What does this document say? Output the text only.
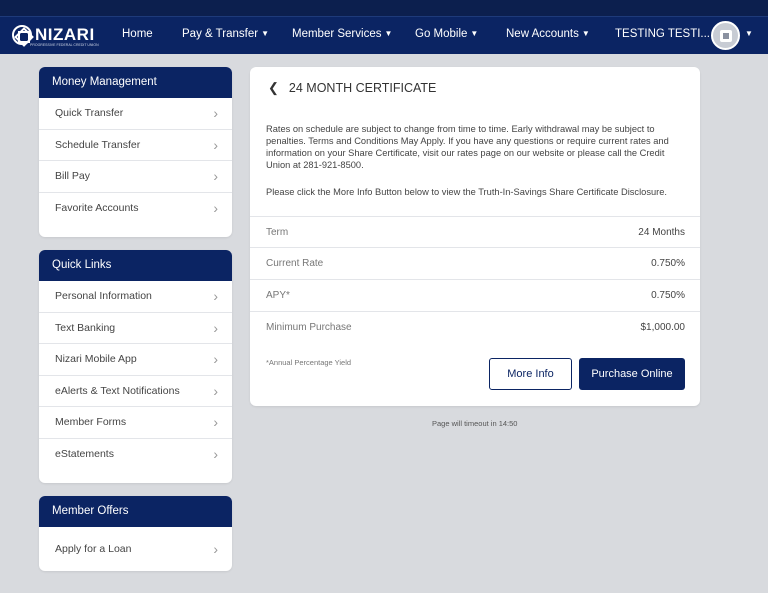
NIZARI
PROGRESSIVE FEDERAL CREDIT UNION
Home	Pay & Transfer ▼ Member Services ▼ Go Mobile ▼ New Accounts ▼ TESTING TESTI...	▼
Money Management
Quick Transfer	›
Schedule Transfer	›
Bill Pay	›
Favorite Accounts	›
Quick Links
Personal Information	›
Text Banking	›
Nizari Mobile App	›
eAlerts & Text Notifications ›
Member Forms	›
eStatements	›
Member Offers
Apply for a Loan	›
❮ 24 MONTH CERTIFICATE
Rates on schedule are subject to change from time to time. Early withdrawal may be subject to penalties. Terms and Conditions May Apply. If you have any questions or require current rates and information on your Share Certificate, visit our rates page on our website or please call the Credit Union at 281-921-8500.
Please click the More Info Button below to view the Truth-In-Savings Share Certificate Disclosure.
Term	24 Months
Current Rate	0.750%
APY*	0.750%
Minimum Purchase	$1,000.00
*Annual Percentage Yield
More Info	Purchase Online
Page will timeout in 14:50
